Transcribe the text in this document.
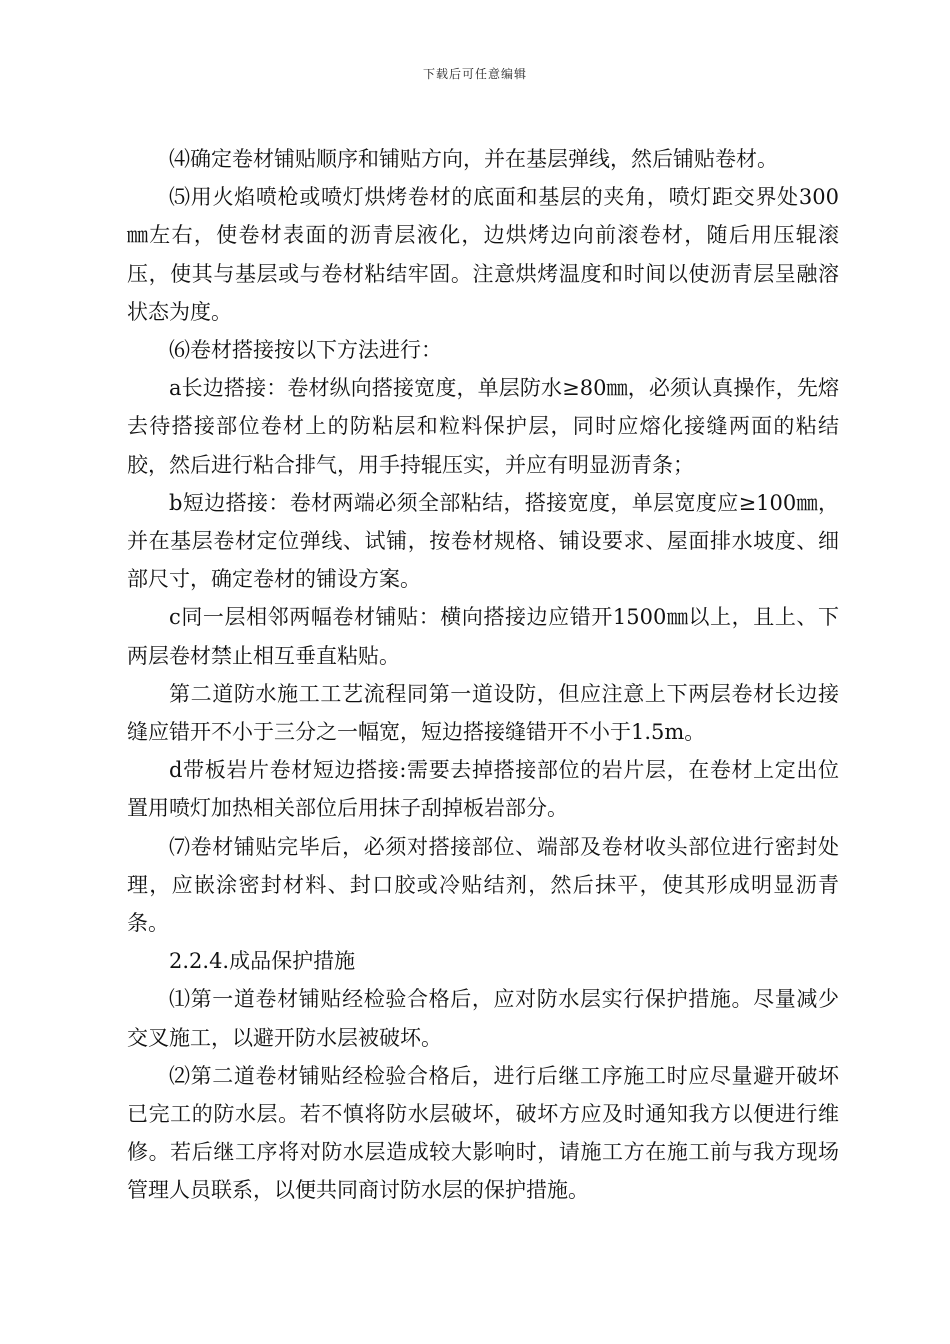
下载后可任意编辑

⑷确定卷材铺贴顺序和铺贴方向，并在基层弹线，然后铺贴卷材。

⑸用火焰喷枪或喷灯烘烤卷材的底面和基层的夹角，喷灯距交界处300㎜左右，使卷材表面的沥青层液化，边烘烤边向前滚卷材，随后用压辊滚压，使其与基层或与卷材粘结牢固。注意烘烤温度和时间以使沥青层呈融溶状态为度。

⑹卷材搭接按以下方法进行：

a长边搭接：卷材纵向搭接宽度，单层防水≥80㎜，必须认真操作，先熔去待搭接部位卷材上的防粘层和粒料保护层，同时应熔化接缝两面的粘结胶，然后进行粘合排气，用手持辊压实，并应有明显沥青条；

b短边搭接：卷材两端必须全部粘结，搭接宽度，单层宽度应≥100㎜，并在基层卷材定位弹线、试铺，按卷材规格、铺设要求、屋面排水坡度、细部尺寸，确定卷材的铺设方案。

c同一层相邻两幅卷材铺贴：横向搭接边应错开1500㎜以上，且上、下两层卷材禁止相互垂直粘贴。

第二道防水施工工艺流程同第一道设防，但应注意上下两层卷材长边接缝应错开不小于三分之一幅宽，短边搭接缝错开不小于1.5m。

d带板岩片卷材短边搭接:需要去掉搭接部位的岩片层，在卷材上定出位置用喷灯加热相关部位后用抹子刮掉板岩部分。

⑺卷材铺贴完毕后，必须对搭接部位、端部及卷材收头部位进行密封处理，应嵌涂密封材料、封口胶或冷贴结剂，然后抹平，使其形成明显沥青条。

2.2.4.成品保护措施

⑴第一道卷材铺贴经检验合格后，应对防水层实行保护措施。尽量减少交叉施工，以避开防水层被破坏。

⑵第二道卷材铺贴经检验合格后，进行后继工序施工时应尽量避开破坏已完工的防水层。若不慎将防水层破坏，破坏方应及时通知我方以便进行维修。若后继工序将对防水层造成较大影响时，请施工方在施工前与我方现场管理人员联系，以便共同商讨防水层的保护措施。
